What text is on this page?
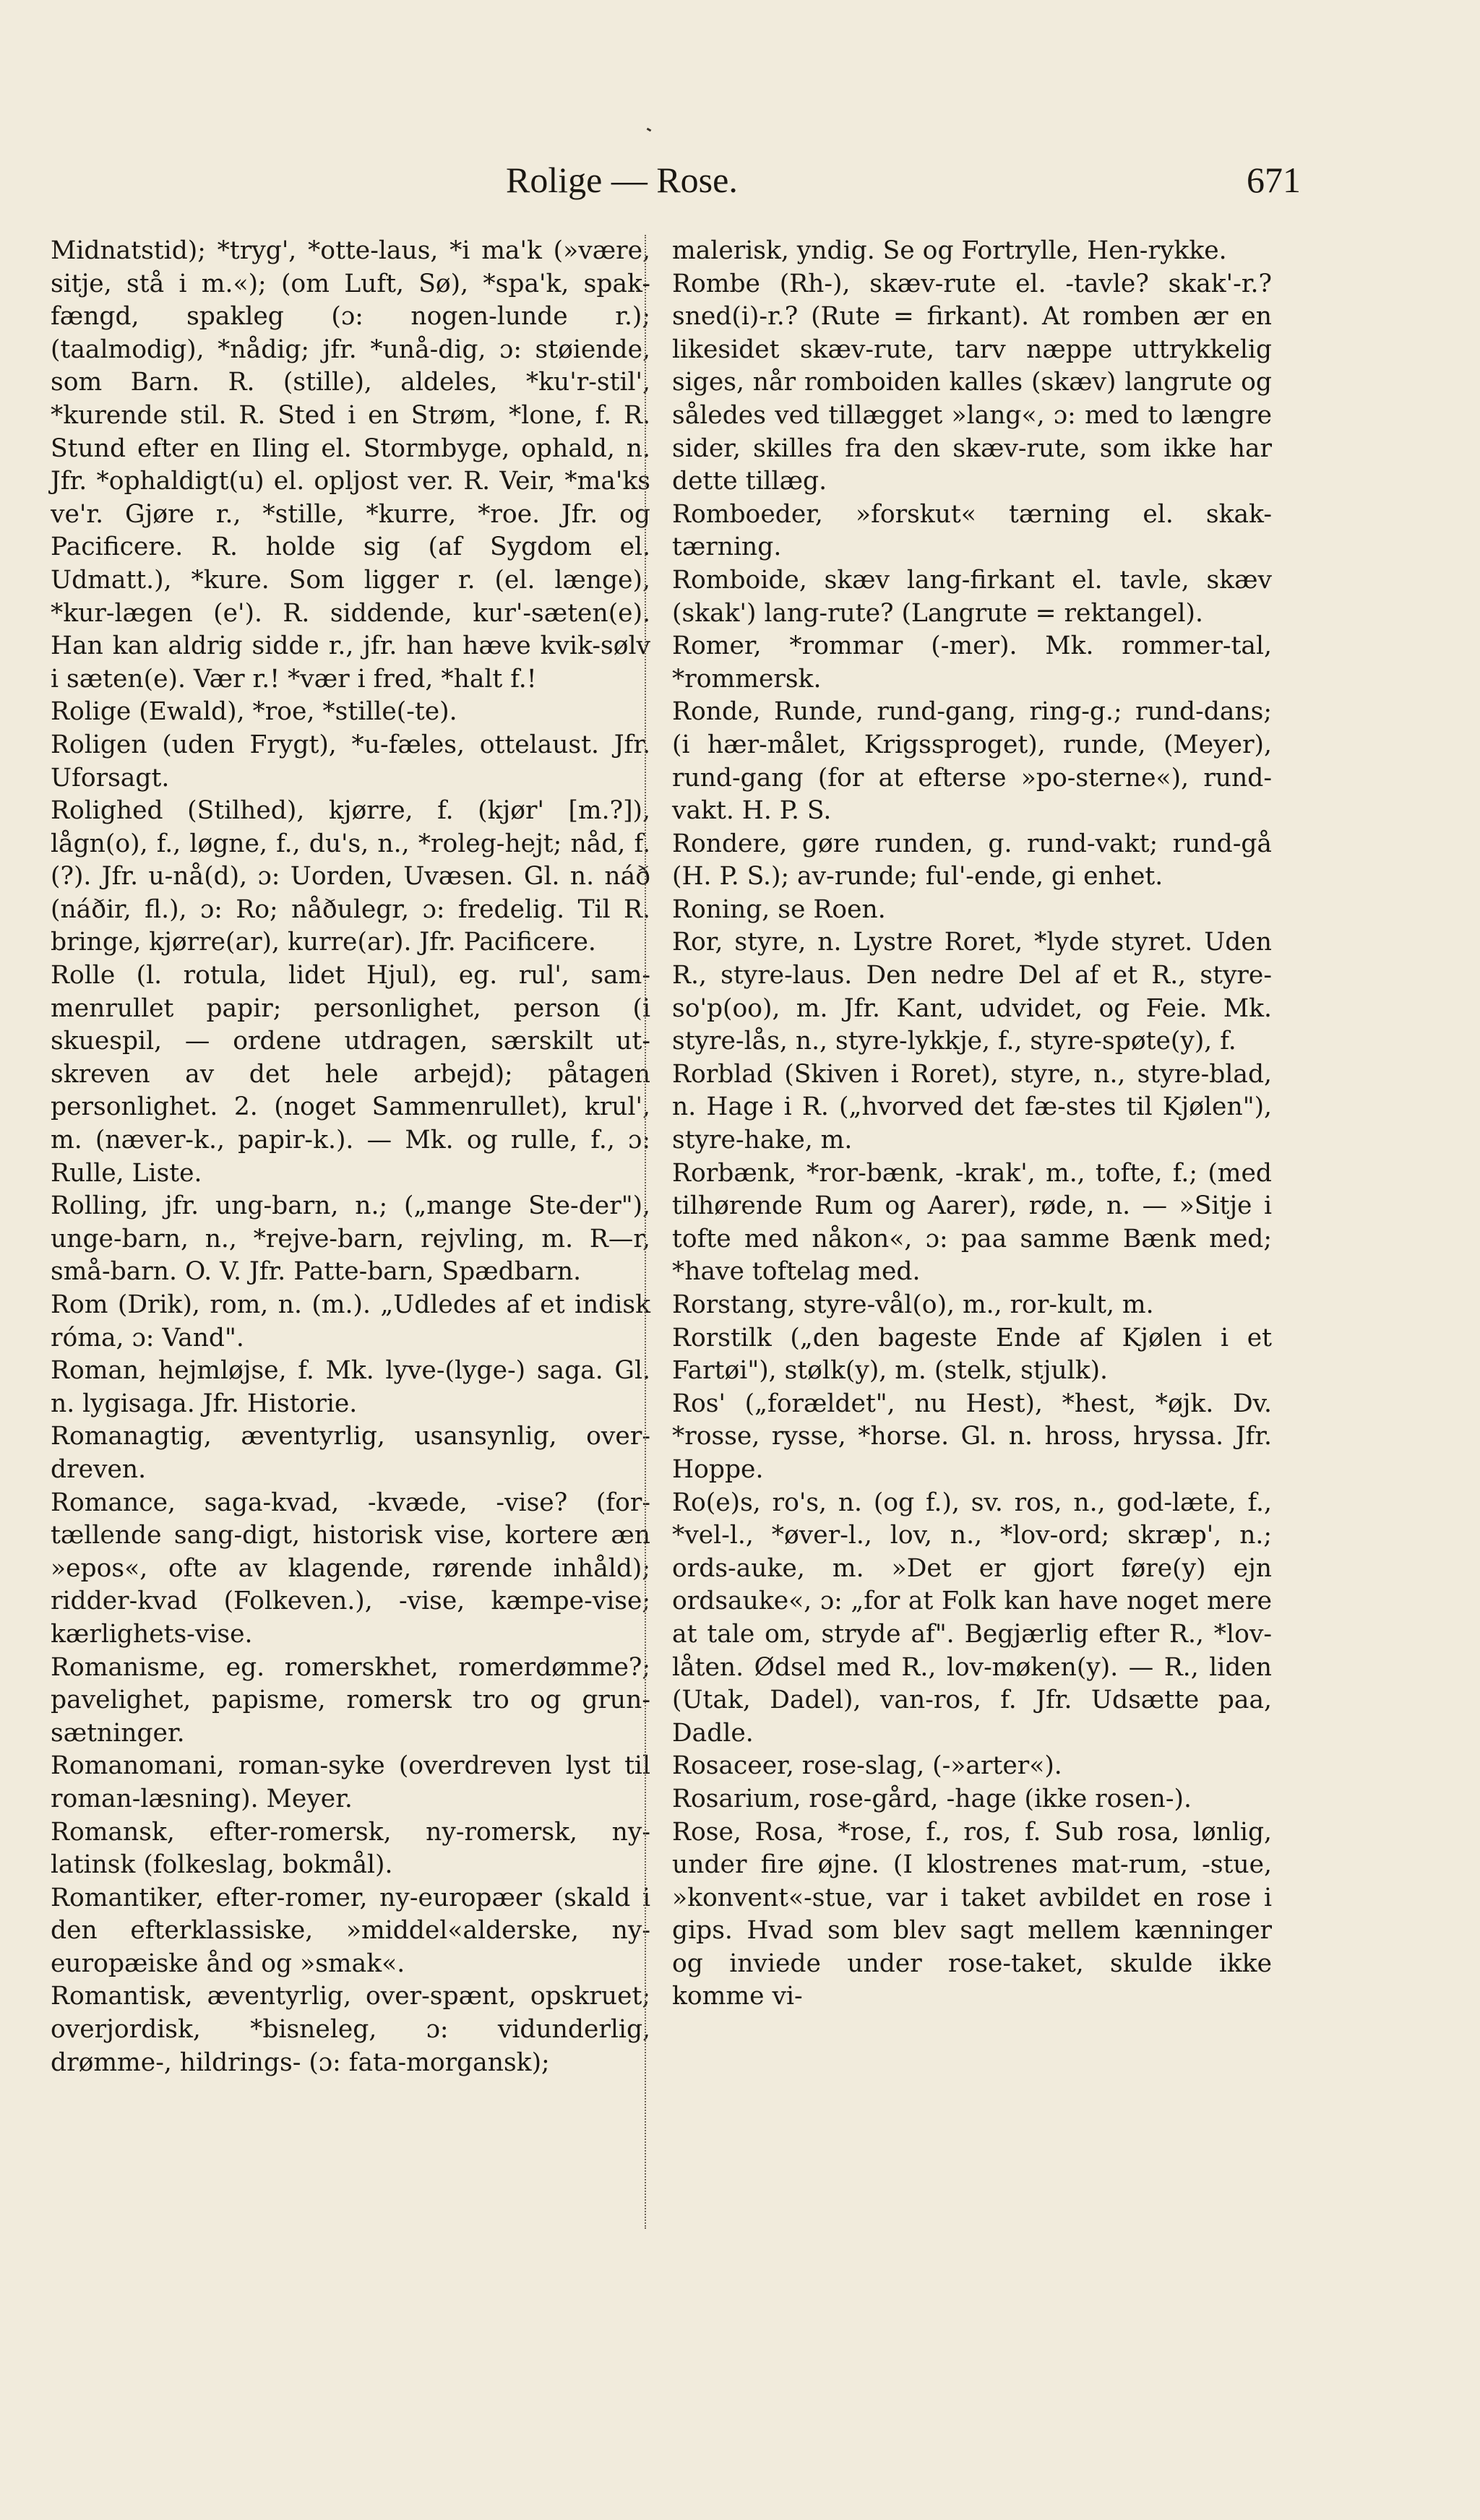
Rolige — Rose.	671

Midnatstid); *tryg', *otte-laus, *i ma'k (»være, sitje, stå i m.«); (om Luft, Sø), *spa'k, spak-fængd, spakleg (ɔ: nogen-lunde r.); (taalmodig), *nådig; jfr. *unå-dig, ɔ: støiende, som Barn. R. (stille), aldeles, *ku'r-stil', *kurende stil. R. Sted i en Strøm, *lone, f. R. Stund efter en Iling el. Stormbyge, ophald, n. Jfr. *ophaldigt(u) el. opljost ver. R. Veir, *ma'ks ve'r. Gjøre r., *stille, *kurre, *roe. Jfr. og Pacificere. R. holde sig (af Sygdom el. Udmatt.), *kure. Som ligger r. (el. længe), *kur-lægen (e'). R. siddende, kur'-sæten(e). Han kan aldrig sidde r., jfr. han hæve kvik-sølv i sæten(e). Vær r.! *vær i fred, *halt f.!

Rolige (Ewald), *roe, *stille(-te).

Roligen (uden Frygt), *u-fæles, ottelaust. Jfr. Uforsagt.

Rolighed (Stilhed), kjørre, f. (kjør' [m.?]), lågn(o), f., løgne, f., du's, n., *roleg-hejt; nåd, f. (?). Jfr. u-nå(d), ɔ: Uorden, Uvæsen. Gl. n. náð (náðir, fl.), ɔ: Ro; nåðulegr, ɔ: fredelig. Til R. bringe, kjørre(ar), kurre(ar). Jfr. Pacificere.

Rolle (l. rotula, lidet Hjul), eg. rul', sam-menrullet papir; personlighet, person (i skuespil, — ordene utdragen, særskilt ut-skreven av det hele arbejd); påtagen personlighet. 2. (noget Sammenrullet), krul', m. (næver-k., papir-k.). — Mk. og rulle, f., ɔ: Rulle, Liste.

Rolling, jfr. ung-barn, n.; („mange Ste-der"), unge-barn, n., *rejve-barn, rejvling, m. R—r, små-barn. O. V. Jfr. Patte-barn, Spædbarn.

Rom (Drik), rom, n. (m.). „Udledes af et indisk róma, ɔ: Vand".

Roman, hejmløjse, f. Mk. lyve-(lyge-) saga. Gl. n. lygisaga. Jfr. Historie.

Romanagtig, æventyrlig, usansynlig, over-dreven.

Romance, saga-kvad, -kvæde, -vise? (for-tællende sang-digt, historisk vise, kortere æn »epos«, ofte av klagende, rørende inhåld); ridder-kvad (Folkeven.), -vise, kæmpe-vise; kærlighets-vise.

Romanisme, eg. romerskhet, romerdømme?; pavelighet, papisme, romersk tro og grun-sætninger.

Romanomani, roman-syke (overdreven lyst til roman-læsning). Meyer.

Romansk, efter-romersk, ny-romersk, ny-latinsk (folkeslag, bokmål).

Romantiker, efter-romer, ny-europæer (skald i den efterklassiske, »middel«alderske, ny-europæiske ånd og »smak«.

Romantisk, æventyrlig, over-spænt, opskruet; overjordisk, *bisneleg, ɔ: vidunderlig, drømme-, hildrings- (ɔ: fata-morgansk);

malerisk, yndig. Se og Fortrylle, Hen-rykke.

Rombe (Rh-), skæv-rute el. -tavle? skak'-r.? sned(i)-r.? (Rute = firkant). At romben ær en likesidet skæv-rute, tarv næppe uttrykkelig siges, når romboiden kalles (skæv) langrute og således ved tillægget »lang«, ɔ: med to længre sider, skilles fra den skæv-rute, som ikke har dette tillæg.

Romboeder, »forskut« tærning el. skak-tærning.

Romboide, skæv lang-firkant el. tavle, skæv (skak') lang-rute? (Langrute = rektangel).

Romer, *rommar (-mer). Mk. rommer-tal, *rommersk.

Ronde, Runde, rund-gang, ring-g.; rund-dans; (i hær-målet, Krigssproget), runde, (Meyer), rund-gang (for at efterse »po-sterne«), rund-vakt. H. P. S.

Rondere, gøre runden, g. rund-vakt; rund-gå (H. P. S.); av-runde; ful'-ende, gi enhet.

Roning, se Roen.

Ror, styre, n. Lystre Roret, *lyde styret. Uden R., styre-laus. Den nedre Del af et R., styre-so'p(oo), m. Jfr. Kant, udvidet, og Feie. Mk. styre-lås, n., styre-lykkje, f., styre-spøte(y), f.

Rorblad (Skiven i Roret), styre, n., styre-blad, n. Hage i R. („hvorved det fæ-stes til Kjølen"), styre-hake, m.

Rorbænk, *ror-bænk, -krak', m., tofte, f.; (med tilhørende Rum og Aarer), røde, n. — »Sitje i tofte med nåkon«, ɔ: paa samme Bænk med; *have toftelag med.

Rorstang, styre-vål(o), m., ror-kult, m.

Rorstilk („den bageste Ende af Kjølen i et Fartøi"), stølk(y), m. (stelk, stjulk).

Ros' („forældet", nu Hest), *hest, *øjk. Dv. *rosse, rysse, *horse. Gl. n. hross, hryssa. Jfr. Hoppe.

Ro(e)s, ro's, n. (og f.), sv. ros, n., god-læte, f., *vel-l., *øver-l., lov, n., *lov-ord; skræp', n.; ords-auke, m. »Det er gjort føre(y) ejn ordsauke«, ɔ: „for at Folk kan have noget mere at tale om, stryde af". Begjærlig efter R., *lov-låten. Ødsel med R., lov-møken(y). — R., liden (Utak, Dadel), van-ros, f. Jfr. Udsætte paa, Dadle.

Rosaceer, rose-slag, (-»arter«).

Rosarium, rose-gård, -hage (ikke rosen-).

Rose, Rosa, *rose, f., ros, f. Sub rosa, lønlig, under fire øjne. (I klostrenes mat-rum, -stue, »konvent«-stue, var i taket avbildet en rose i gips. Hvad som blev sagt mellem kænninger og inviede under rose-taket, skulde ikke komme vi-
